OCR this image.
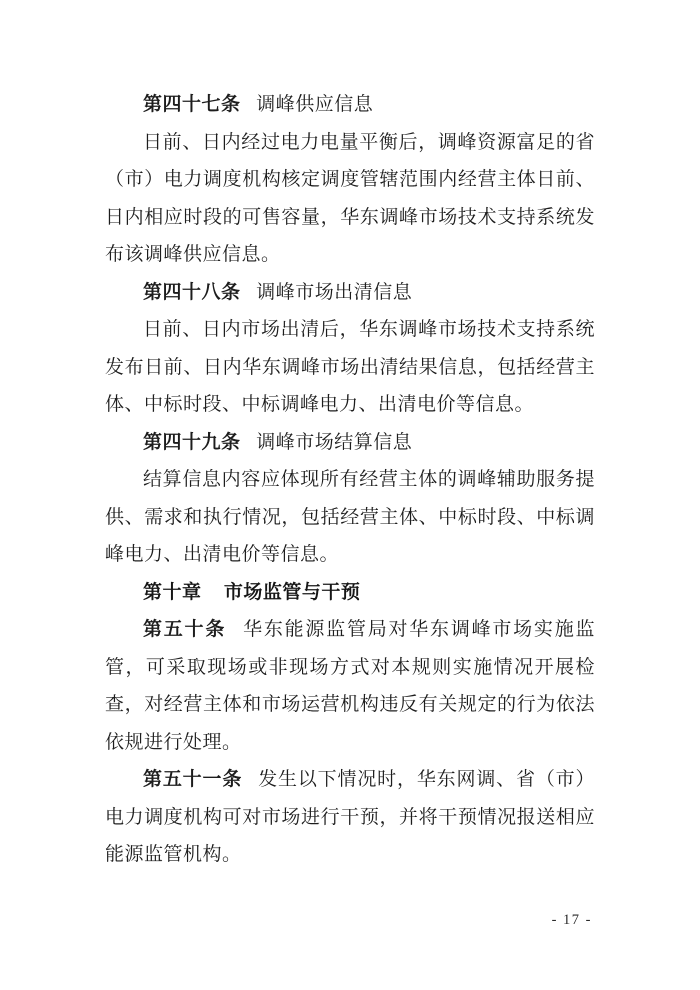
第四十七条 调峰供应信息

日前、日内经过电力电量平衡后，调峰资源富足的省（市）电力调度机构核定调度管辖范围内经营主体日前、日内相应时段的可售容量，华东调峰市场技术支持系统发布该调峰供应信息。

第四十八条 调峰市场出清信息

日前、日内市场出清后，华东调峰市场技术支持系统发布日前、日内华东调峰市场出清结果信息，包括经营主体、中标时段、中标调峰电力、出清电价等信息。

第四十九条 调峰市场结算信息

结算信息内容应体现所有经营主体的调峰辅助服务提供、需求和执行情况，包括经营主体、中标时段、中标调峰电力、出清电价等信息。

第十章 市场监管与干预

第五十条 华东能源监管局对华东调峰市场实施监管，可采取现场或非现场方式对本规则实施情况开展检查，对经营主体和市场运营机构违反有关规定的行为依法依规进行处理。

第五十一条 发生以下情况时，华东网调、省（市）电力调度机构可对市场进行干预，并将干预情况报送相应能源监管机构。

- 17 -
